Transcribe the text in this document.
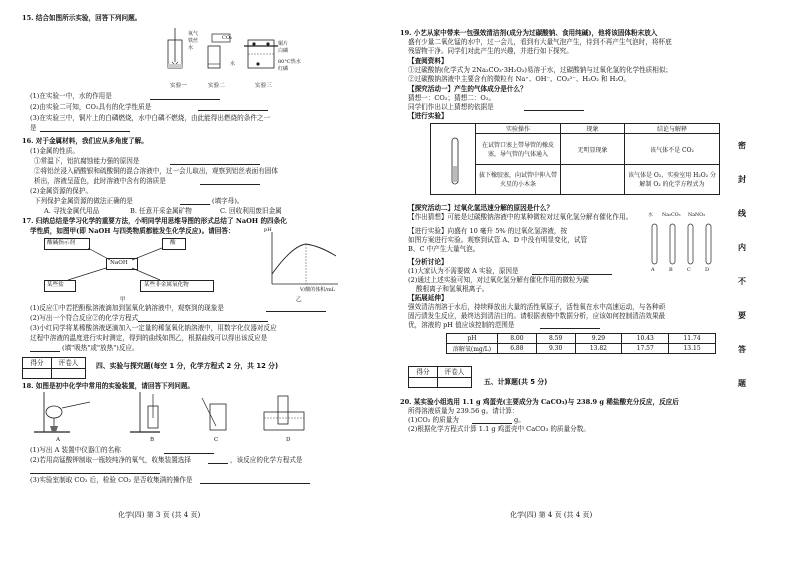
15. 结合如图所示实验，回答下列问题。
实验一	实验二	实验三
氧气
铁丝
水
CO₂
水
铜片
白磷
80°C热水
红磷
(1)在实验一中，水的作用是
(2)由实验二可知，CO₂具有的化学性质是
(3)在实验三中，铜片上的白磷燃烧，水中白磷不燃烧，由此能得出燃烧的条件之一
是
16. 对于金属材料，我们应从多角度了解。
(1)金属的性质。
①常温下，铝抗腐蚀能力强的原因是
②将铝丝浸入硝酸银和硫酸铜的混合溶液中，过一会儿取出，观察到铝丝表面有固体
析出，溶液呈蓝色，此时溶液中含有的溶质是
(2)金属资源的保护。
下列保护金属资源的做法正确的是	(填字母)。
A. 寻找金属代用品	B. 任意开采金属矿物	C. 回收利用废旧金属
17. 归纳总结是学习化学的重要方法，小明同学用思维导图的形式总结了 NaOH 的四条化
学性质，如图甲(即 NaOH 与四类物质都能发生化学反应)。请回答：
酸碱指示剂	酸
NaOH
某些盐	某些非金属氧化物
甲
pH
V/酸的体积/mL
乙
(1)反应①中若把酚酞溶液滴加到氢氧化钠溶液中，观察到的现象是
(2)写出一个符合反应②的化学方程式
(3)小红同学将某稀酸溶液逐滴加入一定量的稀氢氧化钠溶液中，用数字化仪器对反应
过程中溶液的温度进行实时测定，得到的曲线如图乙，根据曲线可以得出该反应是
(填"吸热"或"放热")反应。
得分	评卷人	四、实验与探究题(每空 1 分，化学方程式 2 分，共 12 分)
18. 如图是初中化学中常用的实验装置，请回答下列问题。
A	B	C	D
(1)写出 A 装置中仪器①的名称
(2)若用高锰酸钾制取一瓶较纯净的氧气，收集装置选择	，该反应的化学方程式是
(3)实验室制取 CO₂ 后，检验 CO₂ 是否收集满的操作是
化学(四) 第 3 页 (共 4 页)
19. 小艺从家中带来一包强效清洁剂(成分为过碳酸钠、食用纯碱)，他将该固体粉末放入
盛有少量二氧化锰的水中，过一会儿，看到有大量气泡产生，待到不再产生气泡时，将杯底
残留物干净。同学们对此产生的兴趣，并进行如下探究。
【查阅资料】
①过碳酸钠(化学式为 2Na₂CO₃·3H₂O₂)易溶于水，过碳酸钠与过氧化氢的化学性质相似；
②过碳酸钠溶液中主要含有的微粒有 Na⁺、OH⁻、CO₃²⁻、H₂O₂ 和 H₂O。
【探究活动一】产生的气体成分是什么？
猜想一：CO₂；猜想二：O₂。
同学们作出以上猜想的依据是
【进行实验】
	实验操作	现象	结论与解释
	在试管口塞上带导管的橡皮塞，导气管的气体通入	无明显现象	该气体不是 CO₂
	拔下橡胶塞，向试管中伸入带火星的小木条		该气体是 O₂，实验室用 H₂O₂ 分解制 O₂ 的化学方程式为
【探究活动二】过氧化氢迅速分解的原因是什么？
【作出猜想】可能是过碳酸钠溶液中的某种微粒对过氧化氢分解有催化作用。
【进行实验】向盛有 10 毫升 5% 的过氧化氢溶液，按
如图方案进行实验。观察到试管 A、D 中没有明显变化，试管
B、C 中产生大量气泡。
水 Na₂CO₃ NaNO₃
A	B	C	D
【分析讨论】
(1)大家认为不需要做 A 实验，原因是
(2)通过上述实验可知，对过氧化氢分解有催化作用的微粒为碳
酸根离子和氢氧根离子。
【拓展延伸】
强效清洁剂溶于水后，持续释放出大量的活性氧原子，活性氧在水中高速运动，与各种顽
固污渍发生反应，最终达到清洁目的。请根据表格中数据分析，应该如何控制清洁效果最
优，溶液的 pH 值应该控制的范围是
pH	8.00	8.59	9.29	10.43	11.74
溶解氧(mg/L)	6.88	9.30	13.82	17.57	13.15
得分	评卷人
五、计算题(共 5 分)
20. 某实验小组选用 1.1 g 鸡蛋壳(主要成分为 CaCO₃)与 238.9 g 稀盐酸充分反应，反应后
所得溶液质量为 239.56 g。请计算：
(1)CO₂ 的质量为	g。
(2)根据化学方程式计算 1.1 g 鸡蛋壳中 CaCO₃ 的质量分数。
化学(四) 第 4 页 (共 4 页)
密
封
线
内
不
要
答
题
